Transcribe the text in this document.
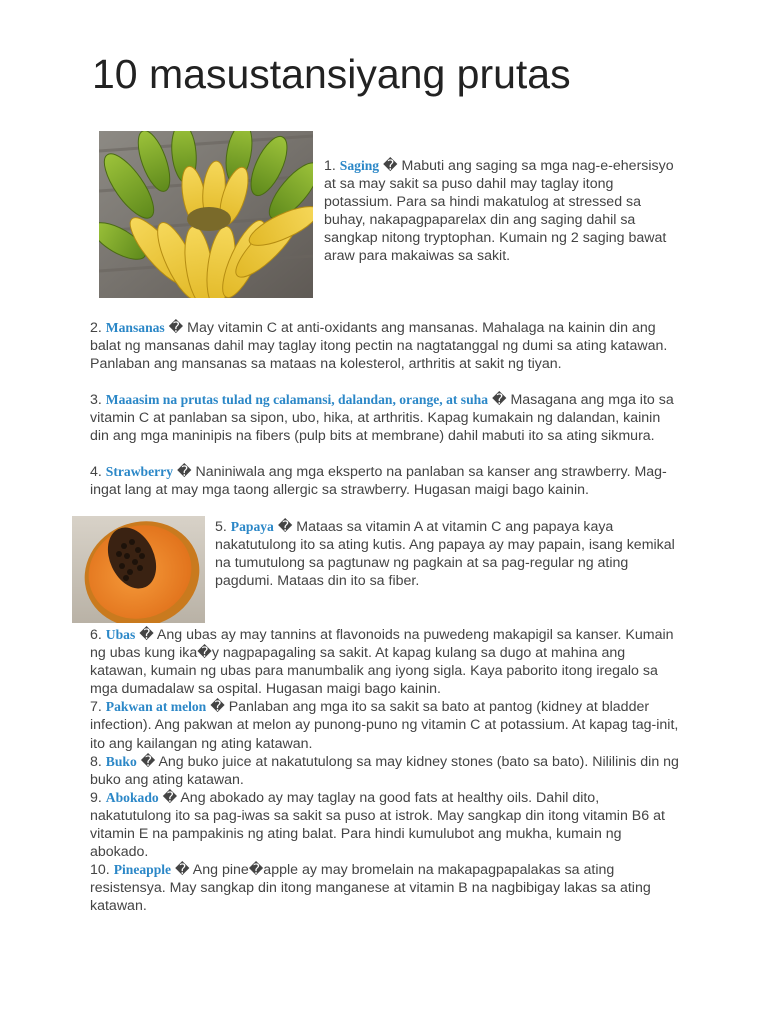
10 masustansiyang prutas

1. Saging � Mabuti ang saging sa mga nag-e-ehersisyo at sa may sakit sa puso dahil may taglay itong potassium. Para sa hindi makatulog at stressed sa buhay, nakapagpaparelax din ang saging dahil sa sangkap nitong tryptophan. Kumain ng 2 saging bawat araw para makaiwas sa sakit.

2. Mansanas � May vitamin C at anti-oxidants ang mansanas. Mahalaga na kainin din ang balat ng mansanas dahil may taglay itong pectin na nagtatanggal ng dumi sa ating katawan. Panlaban ang mansanas sa mataas na kolesterol, arthritis at sakit ng tiyan.

3. Maaasim na prutas tulad ng calamansi, dalandan, orange, at suha � Masagana ang mga ito sa vitamin C at panlaban sa sipon, ubo, hika, at arthritis. Kapag kumakain ng dalandan, kainin din ang mga maninipis na fibers (pulp bits at membrane) dahil mabuti ito sa ating sikmura.

4. Strawberry � Naniniwala ang mga eksperto na panlaban sa kanser ang strawberry. Mag-ingat lang at may mga taong allergic sa strawberry. Hugasan maigi bago kainin.

5. Papaya � Mataas sa vitamin A at vitamin C ang papaya kaya nakatutulong ito sa ating kutis. Ang papaya ay may papain, isang kemikal na tumutulong sa pagtunaw ng pagkain at sa pag-regular ng ating pagdumi. Mataas din ito sa fiber.

6. Ubas � Ang ubas ay may tannins at flavonoids na puwedeng makapigil sa kanser. Kumain ng ubas kung ika�y nagpapagaling sa sakit. At kapag kulang sa dugo at mahina ang katawan, kumain ng ubas para manumbalik ang iyong sigla. Kaya paborito itong iregalo sa mga dumadalaw sa ospital. Hugasan maigi bago kainin.

7. Pakwan at melon � Panlaban ang mga ito sa sakit sa bato at pantog (kidney at bladder infection). Ang pakwan at melon ay punong-puno ng vitamin C at potassium. At kapag tag-init, ito ang kailangan ng ating katawan.

8. Buko � Ang buko juice at nakatutulong sa may kidney stones (bato sa bato). Nililinis din ng buko ang ating katawan.

9. Abokado � Ang abokado ay may taglay na good fats at healthy oils. Dahil dito, nakatutulong ito sa pag-iwas sa sakit sa puso at istrok. May sangkap din itong vitamin B6 at vitamin E na pampakinis ng ating balat. Para hindi kumulubot ang mukha, kumain ng abokado.

10. Pineapple � Ang pine�apple ay may bromelain na makapagpapalakas sa ating resistensya. May sangkap din itong manganese at vitamin B na nagbibigay lakas sa ating katawan.
